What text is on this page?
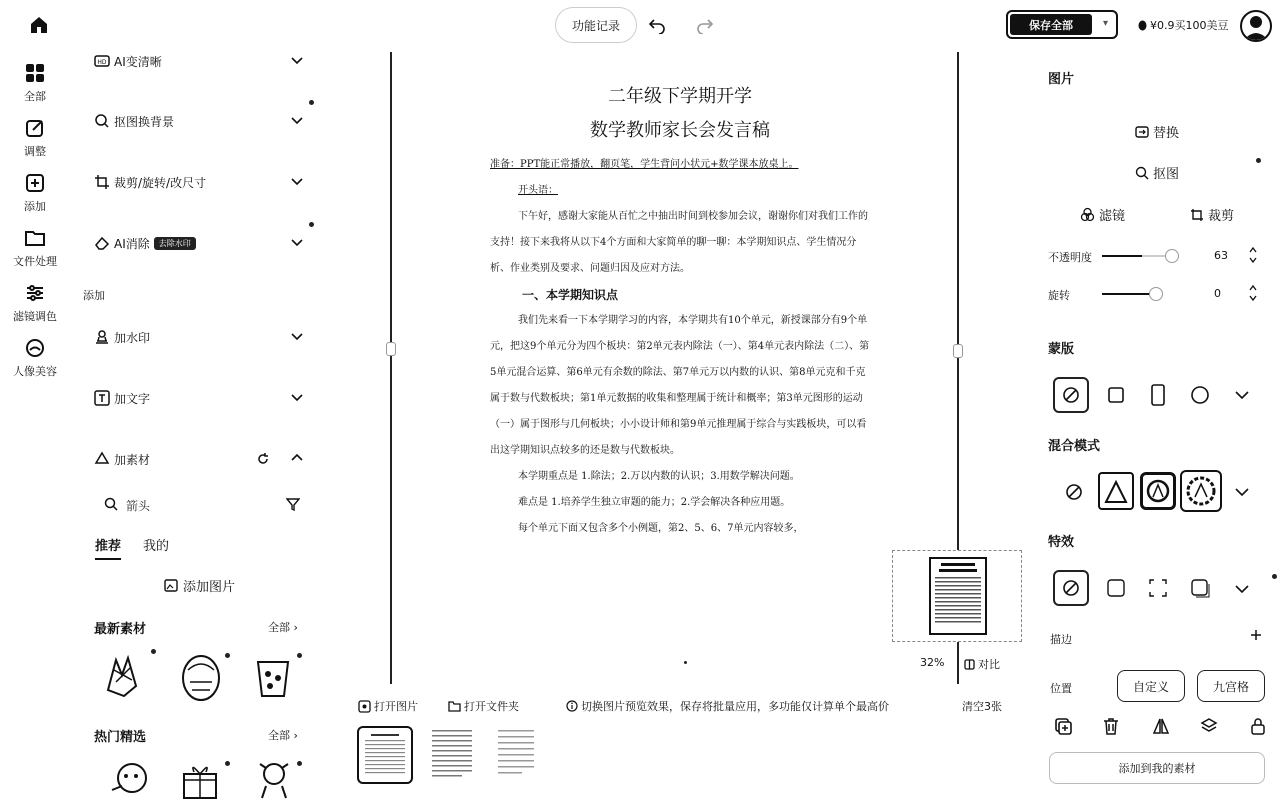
全部
调整
添加
文件处理
滤镜调色
人像美容
HD AI变清晰
抠图换背景
裁剪/旋转/改尺寸
AI消除	去除水印
添加
加水印
加文字
加素材
箭头
推荐 我的
添加图片
最新素材	全部 ›
热门精选	全部 ›
功能记录	保存全部	▾	¥0.9买100美豆

二年级下学期开学

数学教师家长会发言稿

准备：PPT能正常播放，翻页笔，学生背问小状元+数学课本放桌上。

开头语：

下午好，感谢大家能从百忙之中抽出时间到校参加会议，谢谢你们对我们工作的支持！接下来我将从以下4个方面和大家简单的聊一聊：本学期知识点、学生情况分析、作业类别及要求、问题归因及应对方法。

一、本学期知识点

我们先来看一下本学期学习的内容，本学期共有10个单元，新授课部分有9个单元，把这9个单元分为四个板块：第2单元表内除法（一）、第4单元表内除法（二）、第5单元混合运算、第6单元有余数的除法、第7单元万以内数的认识、第8单元克和千克属于数与代数板块；第1单元数据的收集和整理属于统计和概率；第3单元图形的运动（一）属于图形与几何板块；小小设计师和第9单元推理属于综合与实践板块，可以看出这学期知识点较多的还是数与代数板块。

本学期重点是 1.除法；2.万以内数的认识；3.用数学解决问题。

难点是 1.培养学生独立审题的能力；2.学会解决各种应用题。

每个单元下面又包含多个小例题，第2、5、6、7单元内容较多，

32%	对比
打开图片	打开文件夹	切换图片预览效果，保存将批量应用，多功能仅计算单个最高价	清空3张
图片
替换
抠图
滤镜	裁剪
不透明度	63
旋转	0
蒙版
混合模式
特效
描边
位置	自定义	九宫格
添加到我的素材
